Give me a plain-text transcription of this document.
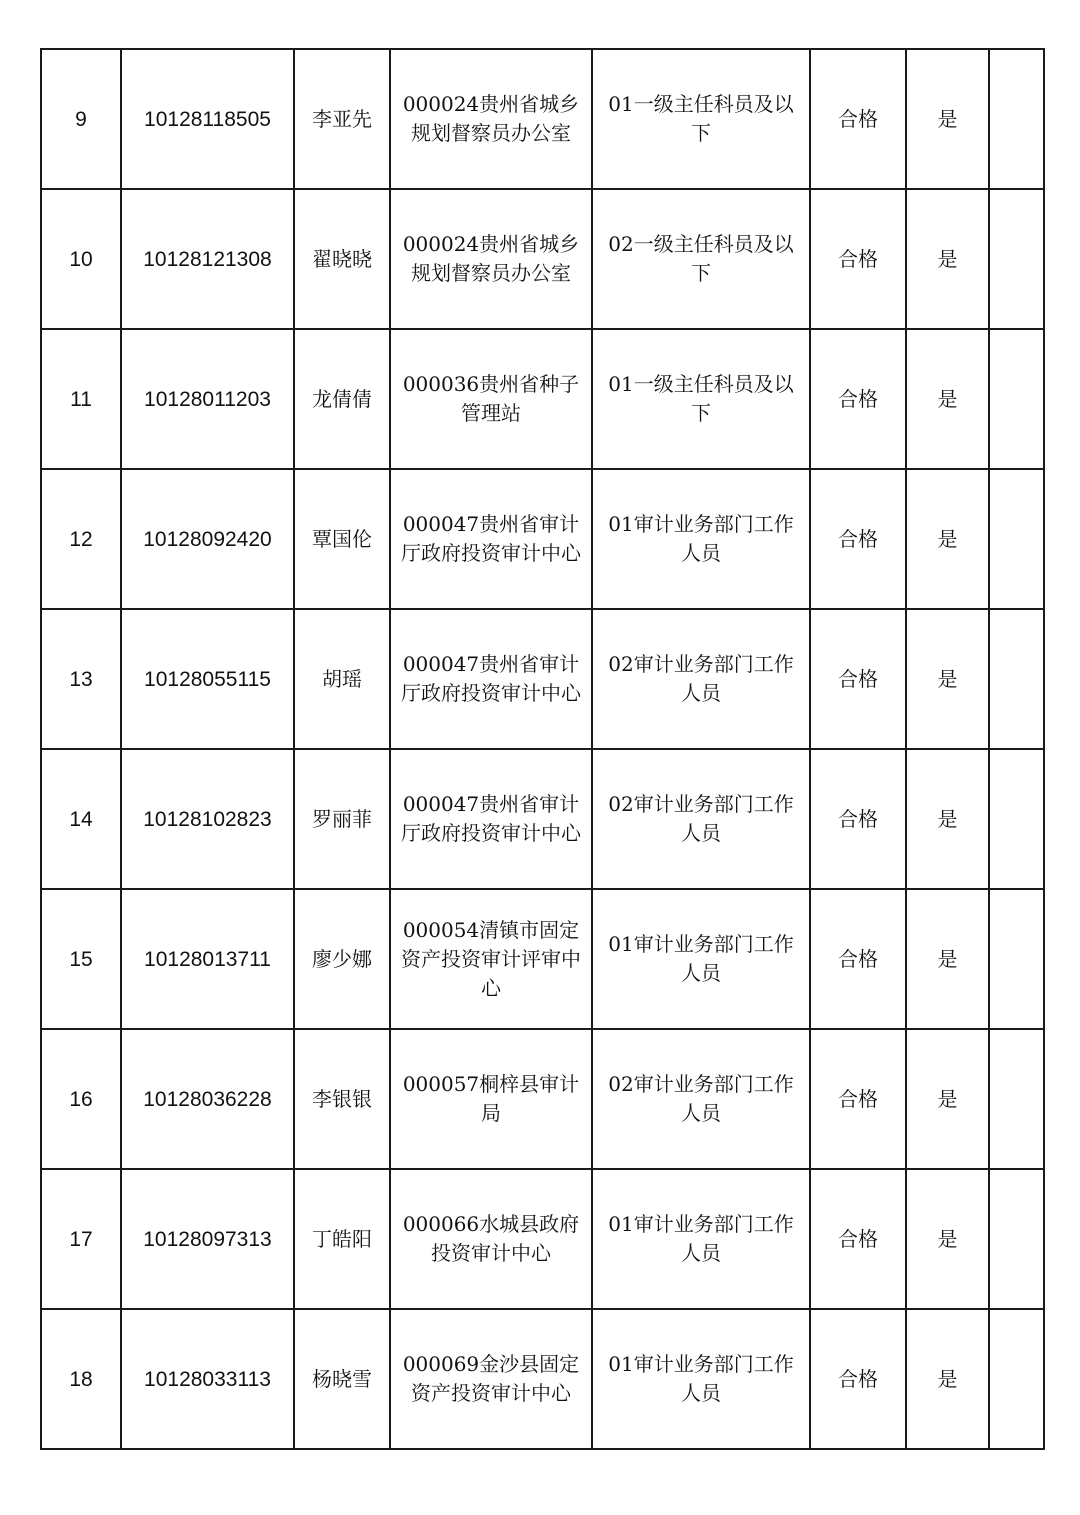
9	10128118505	李亚先	000024贵州省城乡规划督察员办公室	01一级主任科员及以下	合格	是	
10	10128121308	翟晓晓	000024贵州省城乡规划督察员办公室	02一级主任科员及以下	合格	是	
11	10128011203	龙倩倩	000036贵州省种子管理站	01一级主任科员及以下	合格	是	
12	10128092420	覃国伦	000047贵州省审计厅政府投资审计中心	01审计业务部门工作人员	合格	是	
13	10128055115	胡瑶	000047贵州省审计厅政府投资审计中心	02审计业务部门工作人员	合格	是	
14	10128102823	罗丽菲	000047贵州省审计厅政府投资审计中心	02审计业务部门工作人员	合格	是	
15	10128013711	廖少娜	000054清镇市固定资产投资审计评审中心	01审计业务部门工作人员	合格	是	
16	10128036228	李银银	000057桐梓县审计局	02审计业务部门工作人员	合格	是	
17	10128097313	丁皓阳	000066水城县政府投资审计中心	01审计业务部门工作人员	合格	是	
18	10128033113	杨晓雪	000069金沙县固定资产投资审计中心	01审计业务部门工作人员	合格	是	
